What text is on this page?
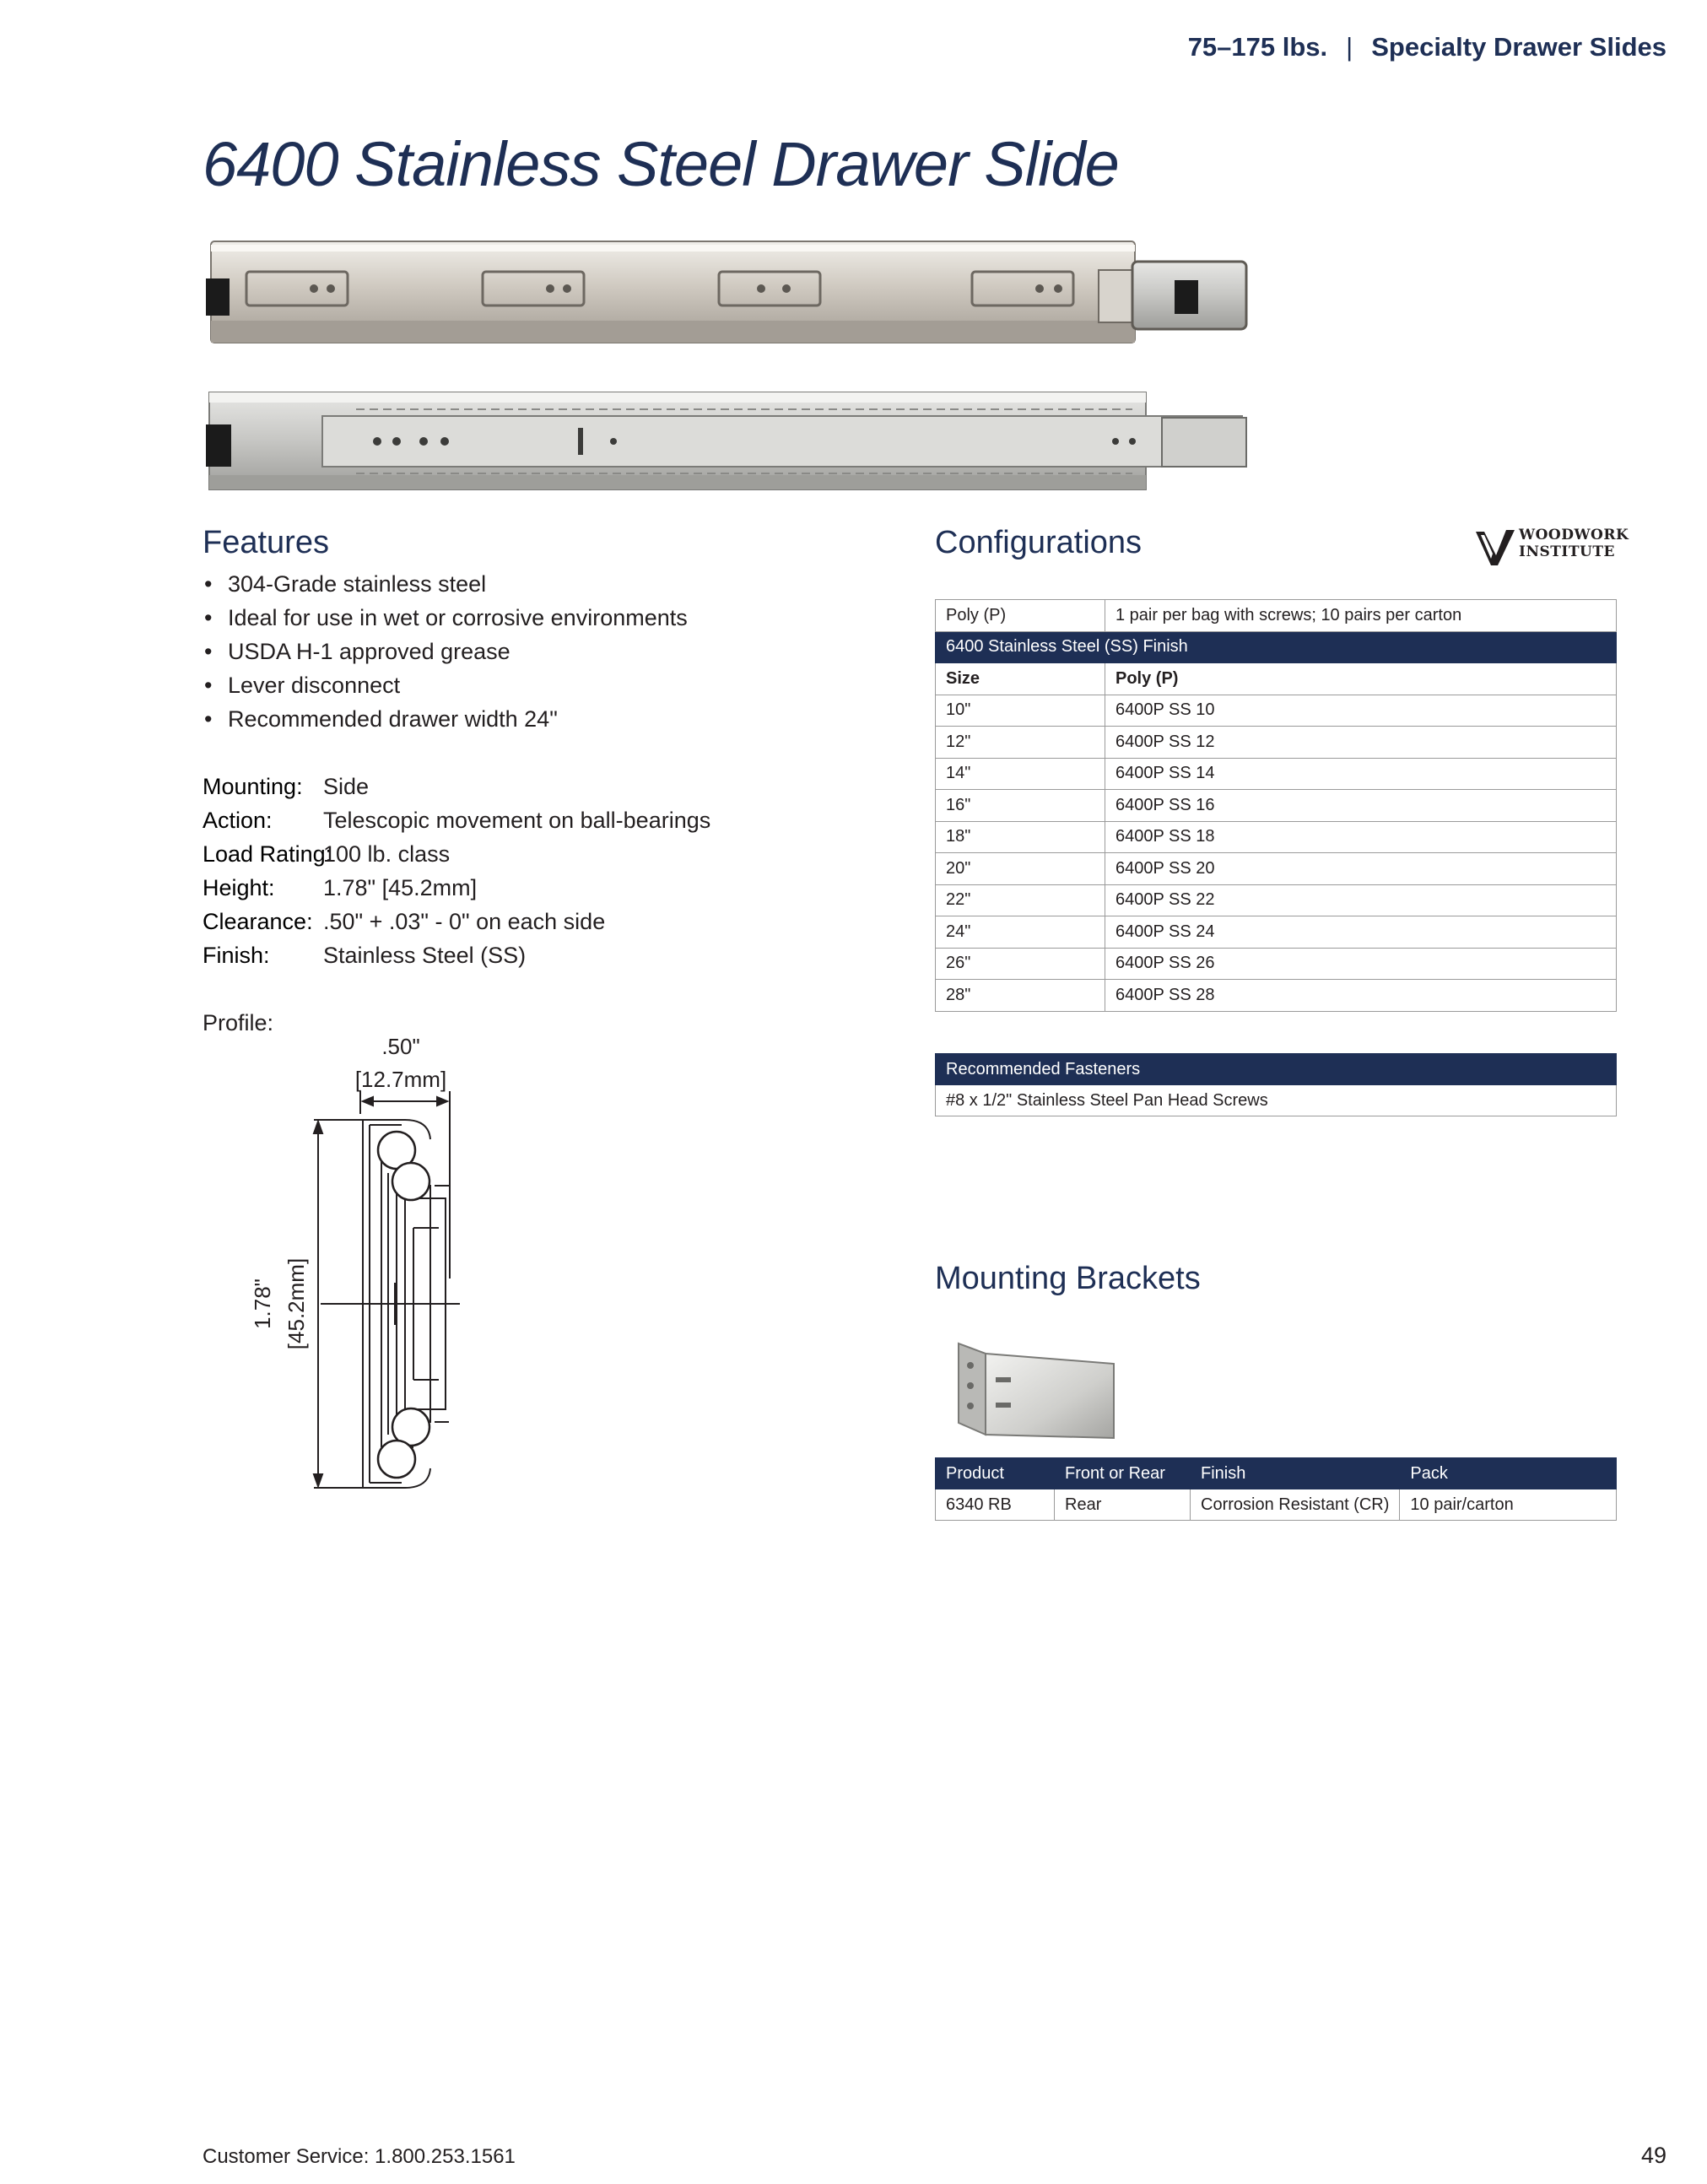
75–175 lbs. | Specialty Drawer Slides
6400 Stainless Steel Drawer Slide
Features
• 304-Grade stainless steel
• Ideal for use in wet or corrosive environments
• USDA H-1 approved grease
• Lever disconnect
• Recommended drawer width 24"
Mounting: Side
Action: Telescopic movement on ball-bearings
Load Rating:100 lb. class
Height: 1.78" [45.2mm]
Clearance: .50" + .03" - 0" on each side
Finish: Stainless Steel (SS)
Profile:
.50"
[12.7mm]
1.78" [45.2mm]
Configurations	WOODWORK
INSTITUTE
Poly (P)	1 pair per bag with screws; 10 pairs per carton
6400 Stainless Steel (SS) Finish	
Size	Poly (P)
10"	6400P SS 10
12"	6400P SS 12
14"	6400P SS 14
16"	6400P SS 16
18"	6400P SS 18
20"	6400P SS 20
22"	6400P SS 22
24"	6400P SS 24
26"	6400P SS 26
28"	6400P SS 28
Recommended Fasteners
#8 x 1/2" Stainless Steel Pan Head Screws
Mounting Brackets
Product	Front or Rear	Finish	Pack
6340 RB	Rear	Corrosion Resistant (CR)	10 pair/carton
Customer Service: 1.800.253.1561	49
